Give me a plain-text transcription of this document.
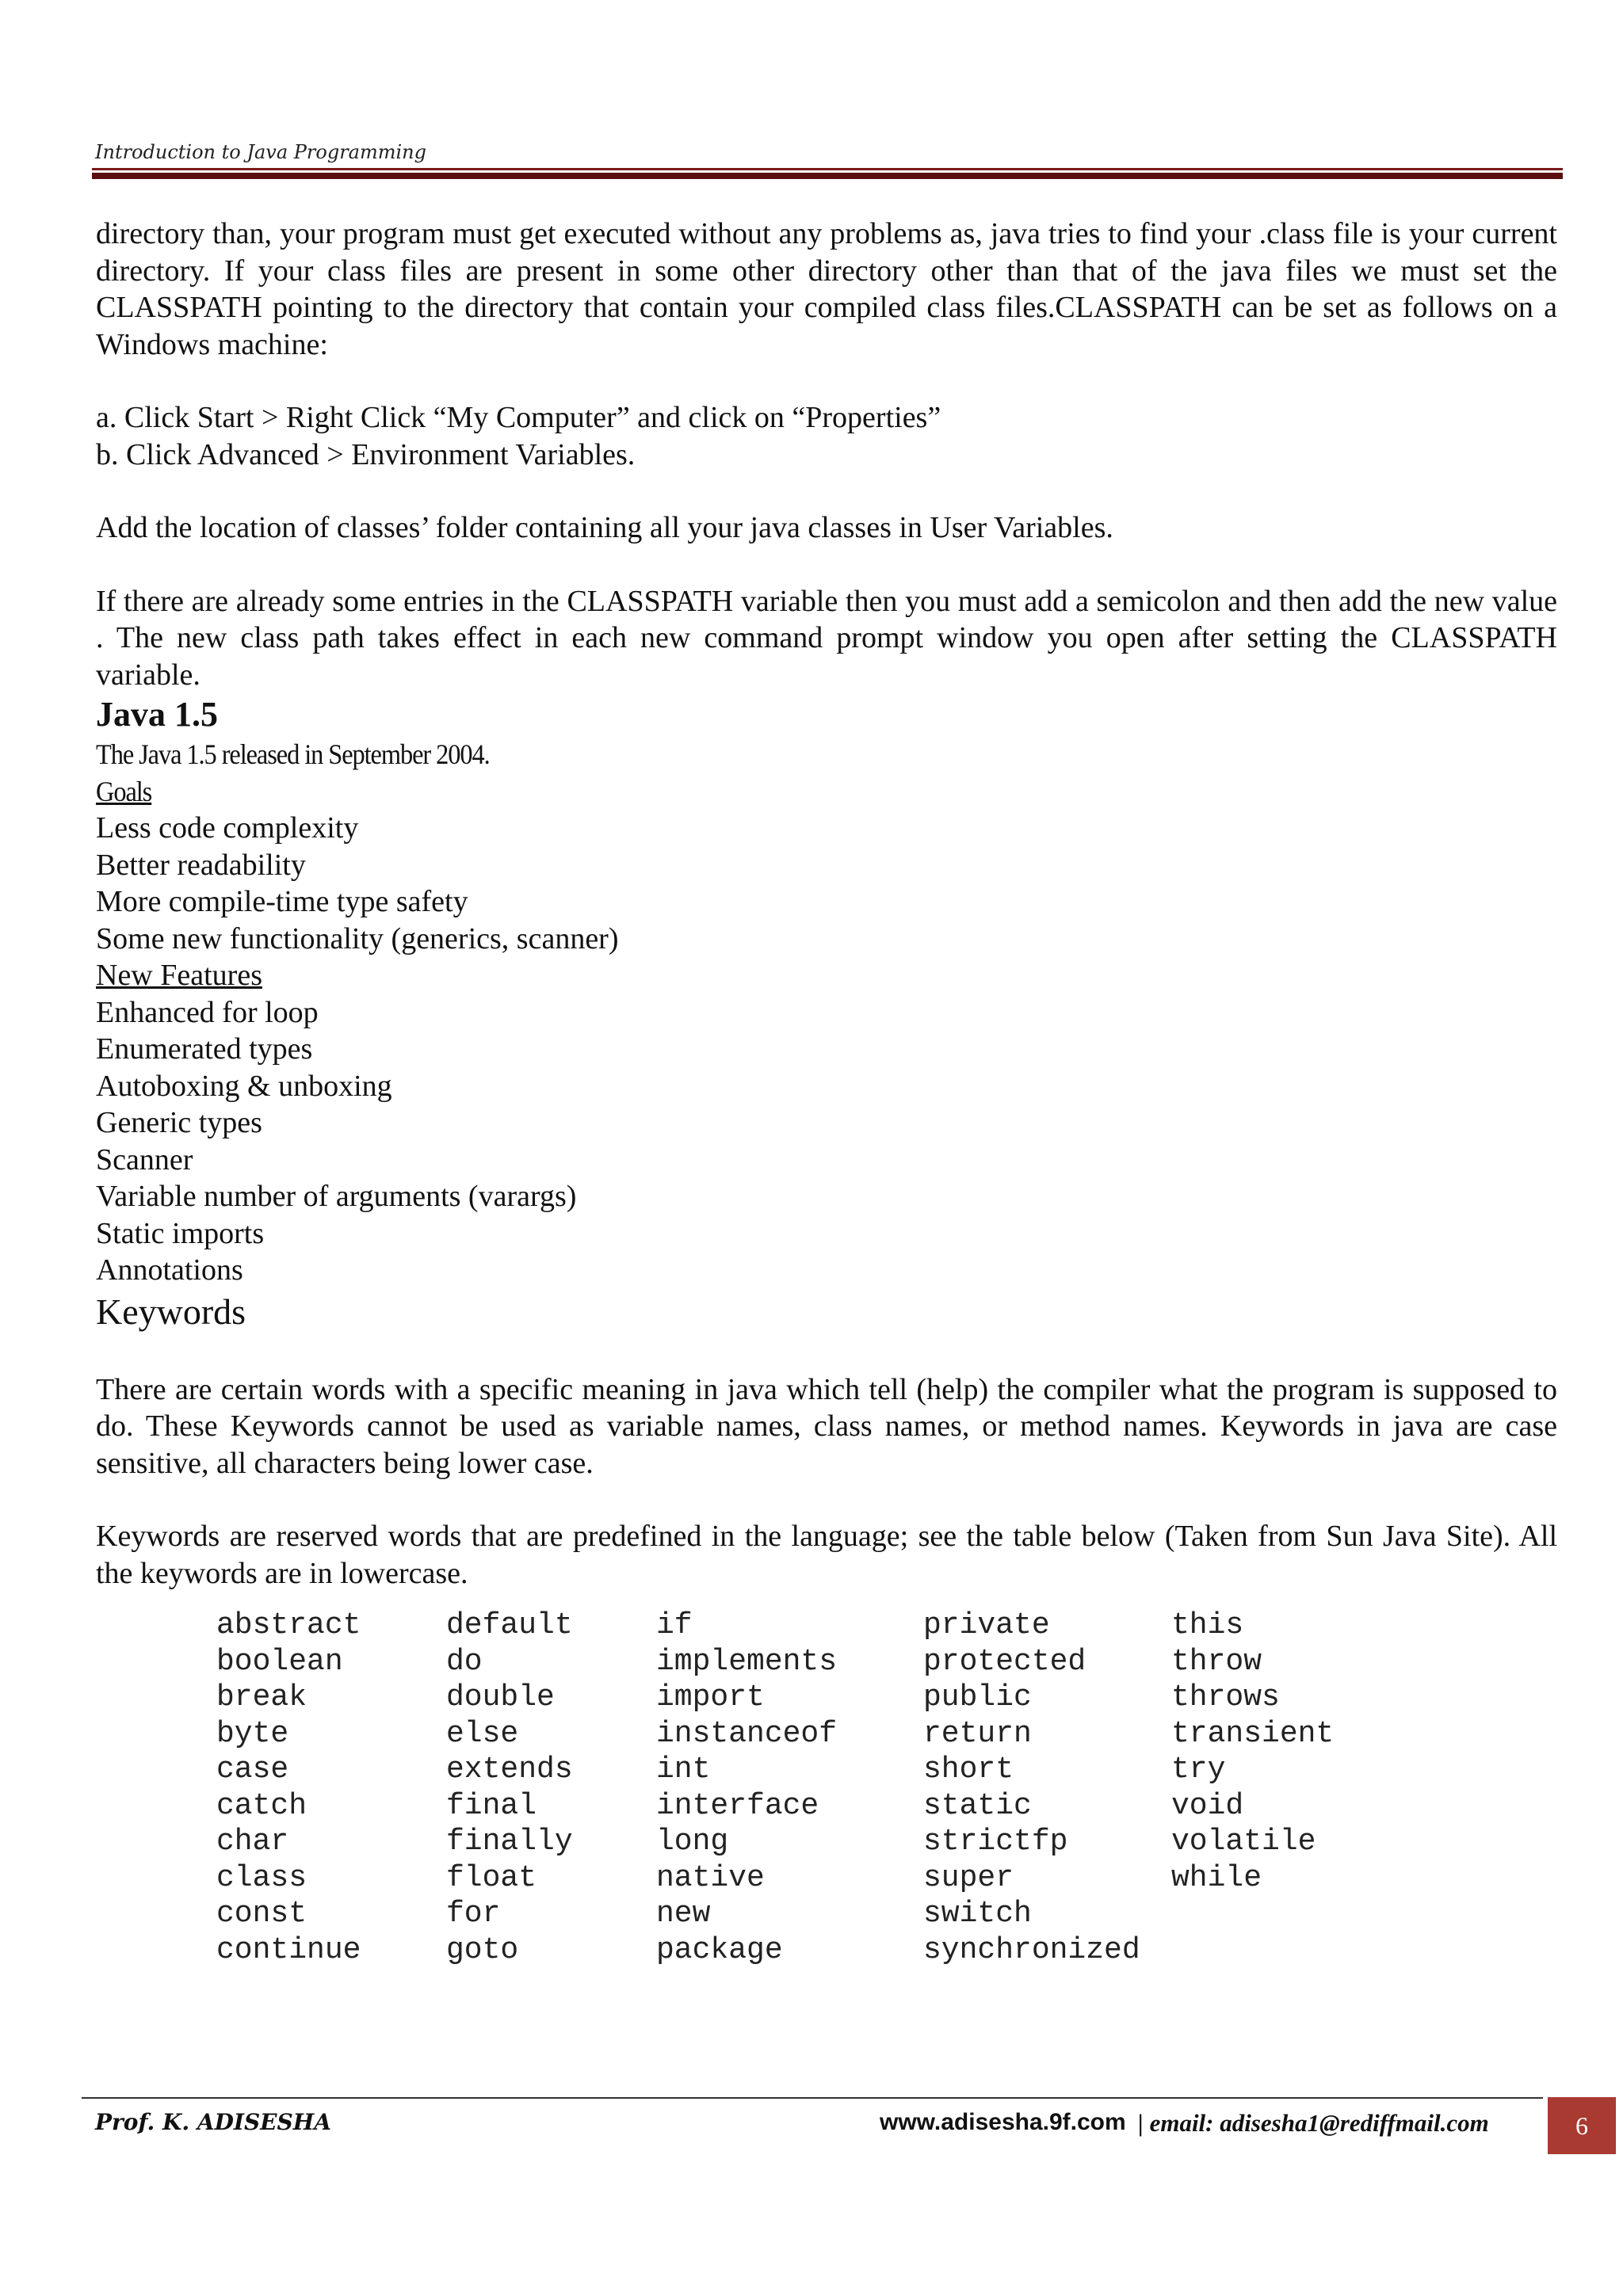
Introduction to Java Programming

directory than, your program must get executed without any problems as, java tries to find your .class file is your current directory. If your class files are present in some other directory other than that of the java files we must set the CLASSPATH pointing to the directory that contain your compiled class files.CLASSPATH can be set as follows on a Windows machine:

a. Click Start > Right Click “My Computer” and click on “Properties”

b. Click Advanced > Environment Variables.

Add the location of classes’ folder containing all your java classes in User Variables.

If there are already some entries in the CLASSPATH variable then you must add a semicolon and then add the new value . The new class path takes effect in each new command prompt window you open after setting the CLASSPATH variable.

Java 1.5

The Java 1.5 released in September 2004.

Goals

Less code complexity

Better readability

More compile-time type safety

Some new functionality (generics, scanner)

New Features

Enhanced for loop

Enumerated types

Autoboxing & unboxing

Generic types

Scanner

Variable number of arguments (varargs)

Static imports

Annotations

Keywords

There are certain words with a specific meaning in java which tell (help) the compiler what the program is supposed to do. These Keywords cannot be used as variable names, class names, or method names. Keywords in java are case sensitive, all characters being lower case.

Keywords are reserved words that are predefined in the language; see the table below (Taken from Sun Java Site). All the keywords are in lowercase.

abstract	default	if	private	this
boolean	do	implements	protected	throw
break	double	import	public	throws
byte	else	instanceof	return	transient
case	extends	int	short	try
catch	final	interface	static	void
char	finally	long	strictfp	volatile
class	float	native	super	while
const	for	new	switch	
continue	goto	package	synchronized	
Prof. K. ADISESHA	www.adisesha.9f.com | email: adisesha1@rediffmail.com	6
